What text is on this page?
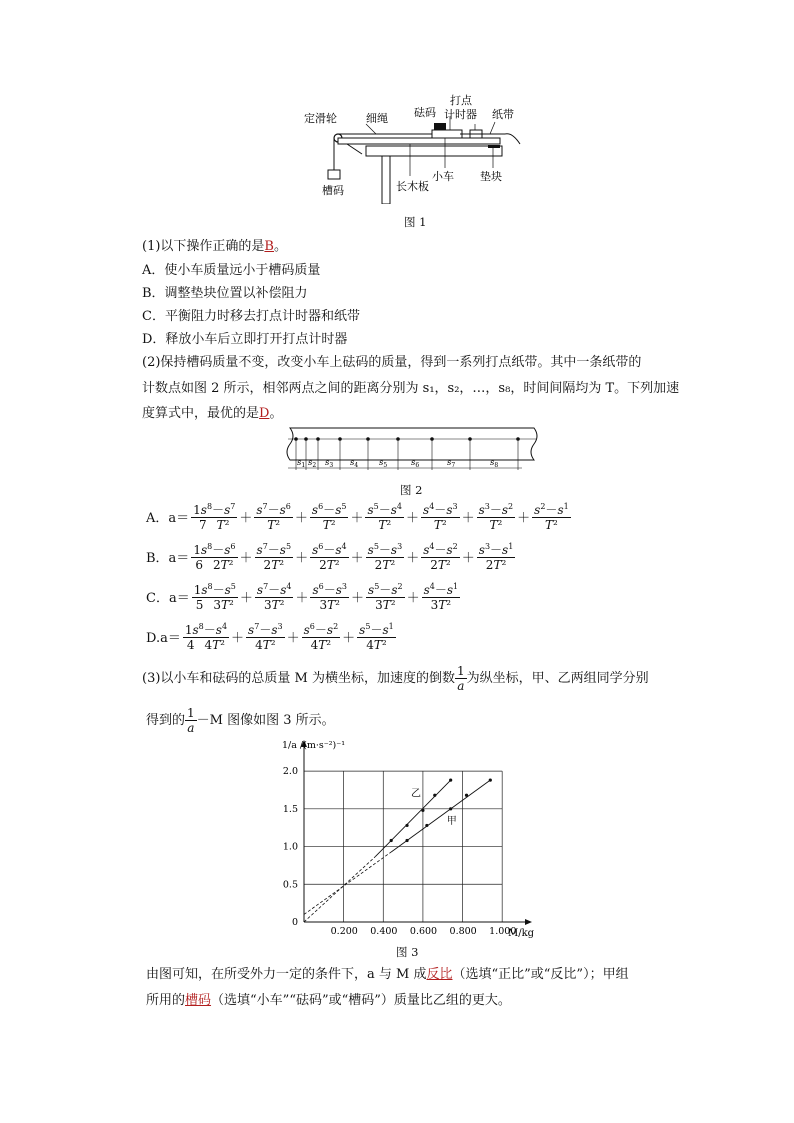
定滑轮	细绳 砝码
打点
计时器 纸带
槽码
小车 垫块
长木板
图 1
(1)以下操作正确的是B。
A．使小车质量远小于槽码质量
B．调整垫块位置以补偿阻力
C．平衡阻力时移去打点计时器和纸带
D．释放小车后立即打开打点计时器
(2)保持槽码质量不变，改变小车上砝码的质量，得到一系列打点纸带。其中一条纸带的
计数点如图 2 所示，相邻两点之间的距离分别为 s₁，s₂，…，s₈，时间间隔均为 T。下列加速
度算式中，最优的是D。
$s_1$ $s_2$ $s_3$ $s_4$ $s_5$	$s_6$	$s_7$	$s_8$
图 2
A．$a= \frac{1s^8-s^7}{\text{7 T²}} + \frac{s^7-s^6}{\text{T²}} + \frac{s^6-s^5}{\text{T²}} + \frac{s^5-s^4}{\text{T²}} + \frac{s^4-s^3}{\text{T²}} + \frac{s^3-s^2}{\text{T²}} + \frac{s^2-s^1}{\text{T²}}$
B．$a= \frac{1s^8-s^6}{\text{6 2T²}} + \frac{s^7-s^5}{\text{2T²}} + \frac{s^6-s^4}{\text{2T²}} + \frac{s^5-s^3}{\text{2T²}} + \frac{s^4-s^2}{\text{2T²}} + \frac{s^3-s^1}{\text{2T²}}$
C．$a= \frac{1s^8-s^5}{\text{5 3T²}} + \frac{s^7-s^4}{\text{3T²}} + \frac{s^6-s^3}{\text{3T²}} + \frac{s^5-s^2}{\text{3T²}} + \frac{s^4-s^1}{\text{3T²}}$
$D.a= \frac{1s^8-s^4}{\text{4 4T²}} + \frac{s^7-s^3}{\text{4T²}} + \frac{s^6-s^2}{\text{4T²}} + \frac{s^5-s^1}{\text{4T²}}$
(3)以小车和砝码的总质量 M 为横坐标，加速度的倒数 $\frac{1}{a}$ 为纵坐标，甲、乙两组同学分别
得到的 $\frac{1}{a} -M$ 图像如图 3 所示。
0.200 0.400 0.600 0.800 1.000
0
0.5
1.0
1.5
2.0
乙
甲
1/a /(m·s⁻²)⁻¹
M/kg
图 3
由图可知，在所受外力一定的条件下，a 与 M 成反比（选填“正比”或“反比”）；甲组
所用的槽码（选填“小车”“砝码”或“槽码”）质量比乙组的更大。
